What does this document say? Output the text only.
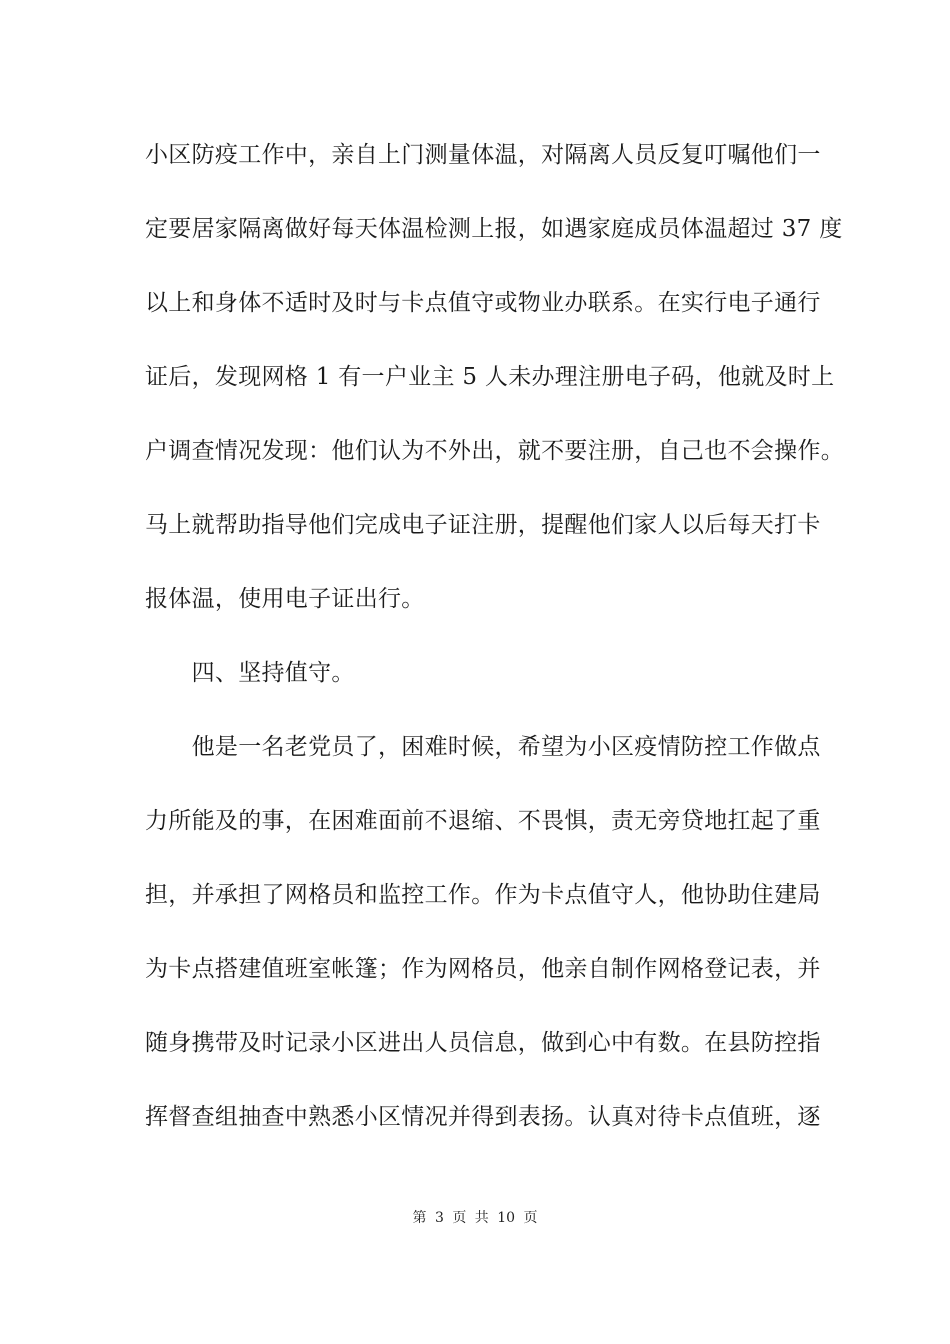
小区防疫工作中，亲自上门测量体温，对隔离人员反复叮嘱他们一
定要居家隔离做好每天体温检测上报，如遇家庭成员体温超过 37 度
以上和身体不适时及时与卡点值守或物业办联系。在实行电子通行
证后，发现网格 1 有一户业主 5 人未办理注册电子码，他就及时上
户调查情况发现：他们认为不外出，就不要注册，自己也不会操作。
马上就帮助指导他们完成电子证注册，提醒他们家人以后每天打卡
报体温，使用电子证出行。
　　四、坚持值守。
　　他是一名老党员了，困难时候，希望为小区疫情防控工作做点
力所能及的事，在困难面前不退缩、不畏惧，责无旁贷地扛起了重
担，并承担了网格员和监控工作。作为卡点值守人，他协助住建局
为卡点搭建值班室帐篷；作为网格员，他亲自制作网格登记表，并
随身携带及时记录小区进出人员信息，做到心中有数。在县防控指
挥督查组抽查中熟悉小区情况并得到表扬。认真对待卡点值班，逐
第 3 页 共 10 页
